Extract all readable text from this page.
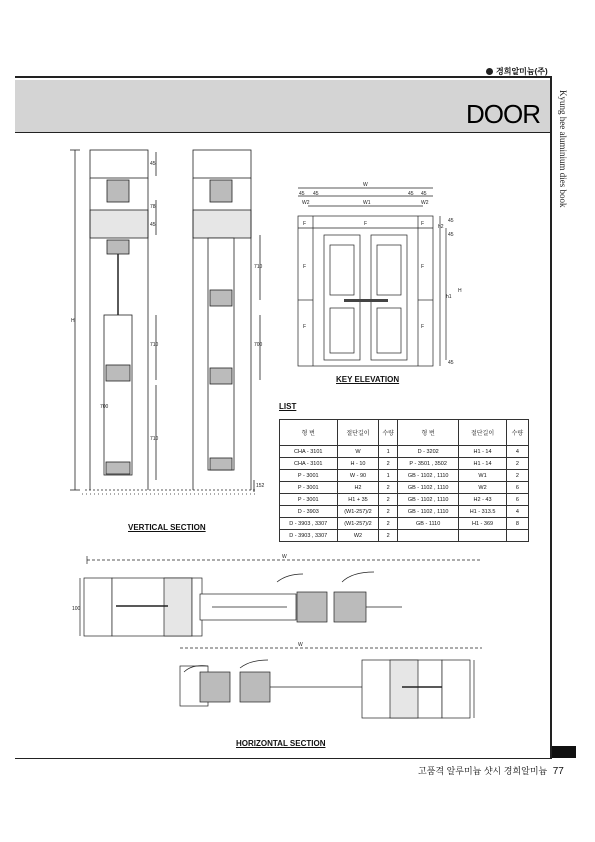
경희알미늄(주)
DOOR Kyung hee aluminium dies book
고품격 알루미늄 샷시 경희알미늄 77
45
78
45
H
710
710
710
152
700
700
VERTICAL SECTION
W
45 45
W1
45 45
W2	W2
45
h2
45
H
h1
45
F	F	F
F	F
F	F
KEY ELEVATION
LIST
형 번	절단길이	수량	형 번	절단길이	수량
CHA - 3101	W	1	D - 3202	H1 - 14	4
CHA - 3101	H - 10	2	P - 3501 , 3502	H1 - 14	2
P - 3001	W - 90	1	GB - 1102 , 1110	W1	2
P - 3001	H2	2	GB - 1102 , 1110	W2	6
P - 3001	H1 + 35	2	GB - 1102 , 1110	H2 - 43	6
D - 3903	(W1-257)/2	2	GB - 1102 , 1110	H1 - 313.5	4
D - 3903 , 3307	(W1-257)/2	2	GB - 1110	H1 - 369	8
D - 3903 , 3307	W2	2			
W
100
W
HORIZONTAL SECTION
